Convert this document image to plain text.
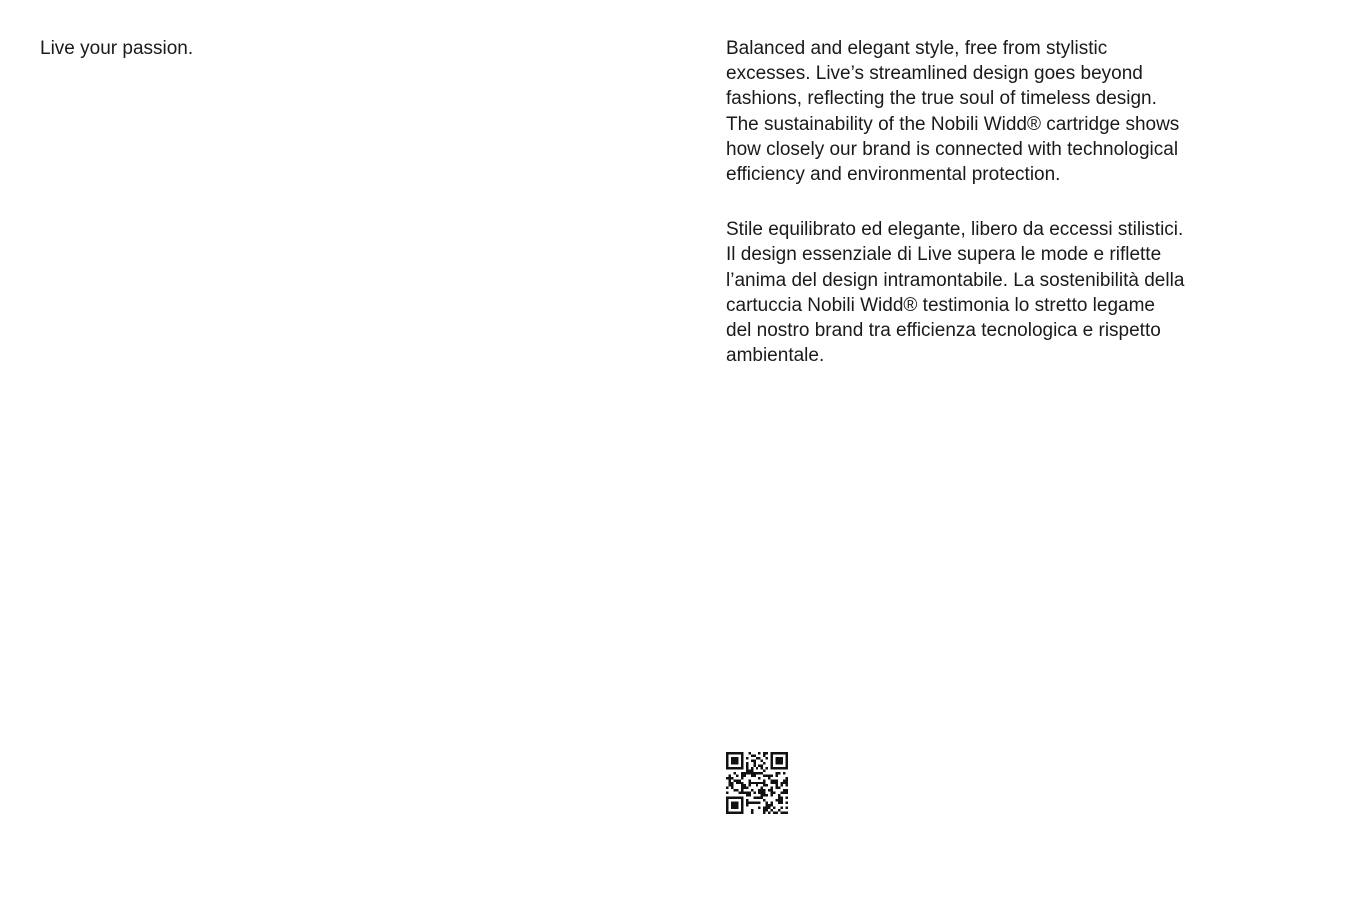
Live your passion.	Balanced and elegant style, free from stylistic
excesses. Live’s streamlined design goes beyond
fashions, reflecting the true soul of timeless design.
The sustainability of the Nobili Widd® cartridge shows
how closely our brand is connected with technological
efficiency and environmental protection.

Stile equilibrato ed elegante, libero da eccessi stilistici.
Il design essenziale di Live supera le mode e riflette
l’anima del design intramontabile. La sostenibilità della
cartuccia Nobili Widd® testimonia lo stretto legame
del nostro brand tra efficienza tecnologica e rispetto
ambientale.
